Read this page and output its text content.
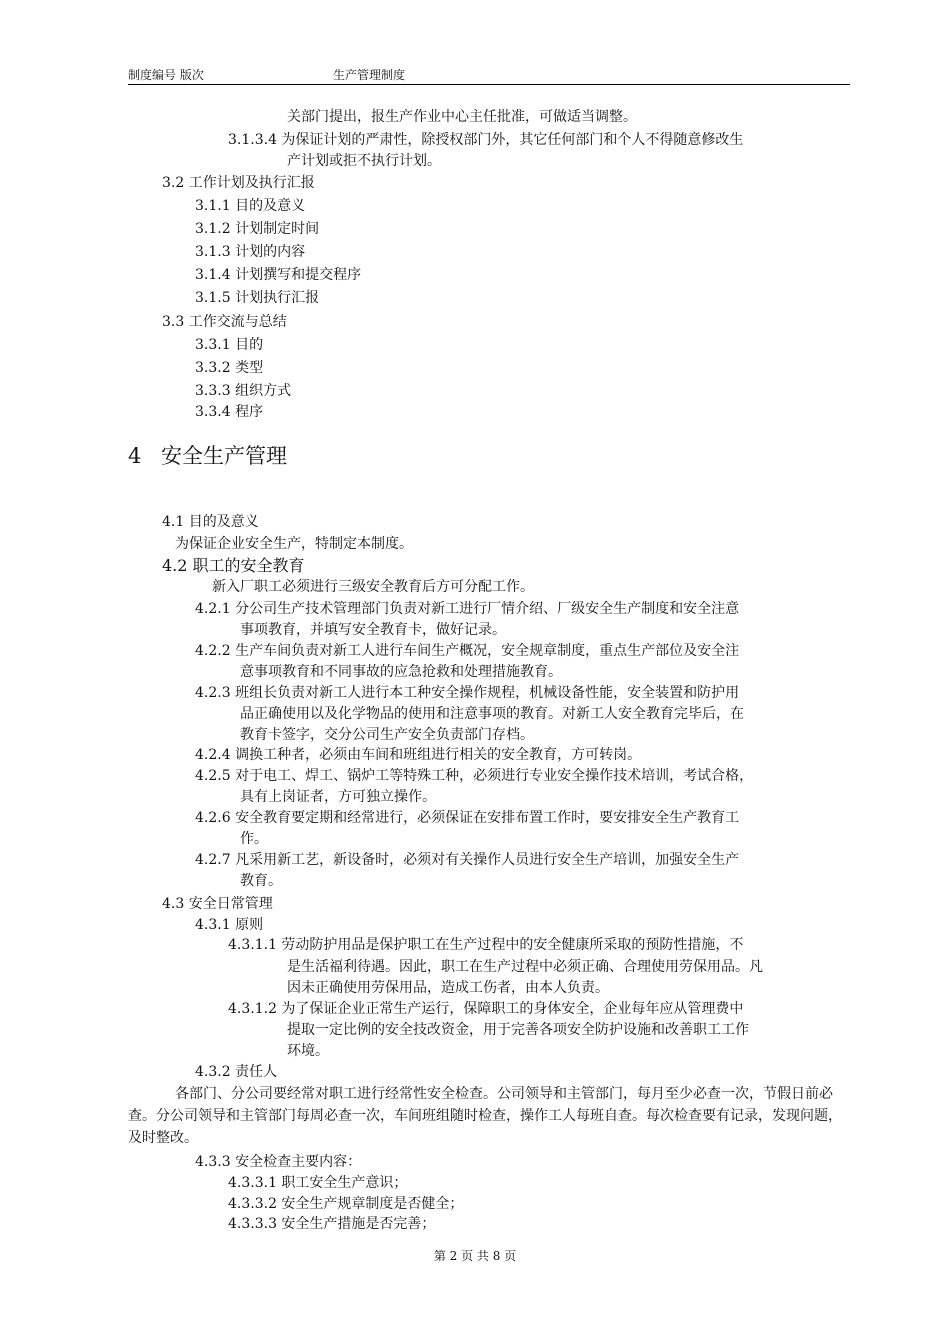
制度编号 版次	生产管理制度
关部门提出，报生产作业中心主任批准，可做适当调整。
3.1.3.4 为保证计划的严肃性，除授权部门外，其它任何部门和个人不得随意修改生
产计划或拒不执行计划。
3.2 工作计划及执行汇报
3.1.1 目的及意义
3.1.2 计划制定时间
3.1.3 计划的内容
3.1.4 计划撰写和提交程序
3.1.5 计划执行汇报
3.3 工作交流与总结
3.3.1 目的
3.3.2 类型
3.3.3 组织方式
3.3.4 程序
4 安全生产管理
4.1 目的及意义
为保证企业安全生产，特制定本制度。
4.2 职工的安全教育
新入厂职工必须进行三级安全教育后方可分配工作。
4.2.1 分公司生产技术管理部门负责对新工进行厂情介绍、厂级安全生产制度和安全注意
事项教育，并填写安全教育卡，做好记录。
4.2.2 生产车间负责对新工人进行车间生产概况，安全规章制度，重点生产部位及安全注
意事项教育和不同事故的应急抢救和处理措施教育。
4.2.3 班组长负责对新工人进行本工种安全操作规程，机械设备性能，安全装置和防护用
品正确使用以及化学物品的使用和注意事项的教育。对新工人安全教育完毕后，在
教育卡签字，交分公司生产安全负责部门存档。
4.2.4 调换工种者，必须由车间和班组进行相关的安全教育，方可转岗。
4.2.5 对于电工、焊工、锅炉工等特殊工种，必须进行专业安全操作技术培训，考试合格，
具有上岗证者，方可独立操作。
4.2.6 安全教育要定期和经常进行，必须保证在安排布置工作时，要安排安全生产教育工
作。
4.2.7 凡采用新工艺，新设备时，必须对有关操作人员进行安全生产培训，加强安全生产
教育。
4.3 安全日常管理
4.3.1 原则
4.3.1.1 劳动防护用品是保护职工在生产过程中的安全健康所采取的预防性措施，不
是生活福利待遇。因此，职工在生产过程中必须正确、合理使用劳保用品。凡
因未正确使用劳保用品，造成工伤者，由本人负责。
4.3.1.2 为了保证企业正常生产运行，保障职工的身体安全，企业每年应从管理费中
提取一定比例的安全技改资金，用于完善各项安全防护设施和改善职工工作
环境。
4.3.2 责任人
各部门、分公司要经常对职工进行经常性安全检查。公司领导和主管部门，每月至少必查一次，节假日前必查。分公司领导和主管部门每周必查一次，车间班组随时检查，操作工人每班自查。每次检查要有记录，发现问题，及时整改。
4.3.3 安全检查主要内容：
4.3.3.1 职工安全生产意识；
4.3.3.2 安全生产规章制度是否健全；
4.3.3.3 安全生产措施是否完善；
第 2 页 共 8 页
